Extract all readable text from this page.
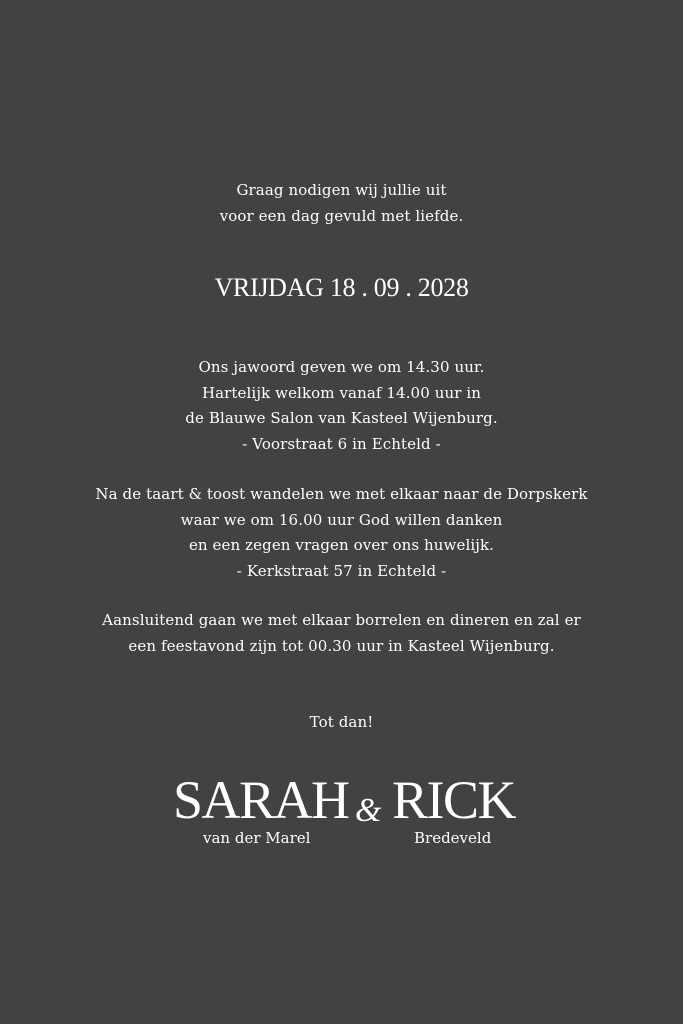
Graag nodigen wij jullie uit
voor een dag gevuld met liefde.
VRIJDAG 18 . 09 . 2028
Ons jawoord geven we om 14.30 uur.
Hartelijk welkom vanaf 14.00 uur in
de Blauwe Salon van Kasteel Wijenburg.
- Voorstraat 6 in Echteld -
Na de taart & toost wandelen we met elkaar naar de Dorpskerk
waar we om 16.00 uur God willen danken
en een zegen vragen over ons huwelijk.
- Kerkstraat 57 in Echteld -
Aansluitend gaan we met elkaar borrelen en dineren en zal er
een feestavond zijn tot 00.30 uur in Kasteel Wijenburg.
Tot dan!
SARAH & RICK
van der Marel	Bredeveld
